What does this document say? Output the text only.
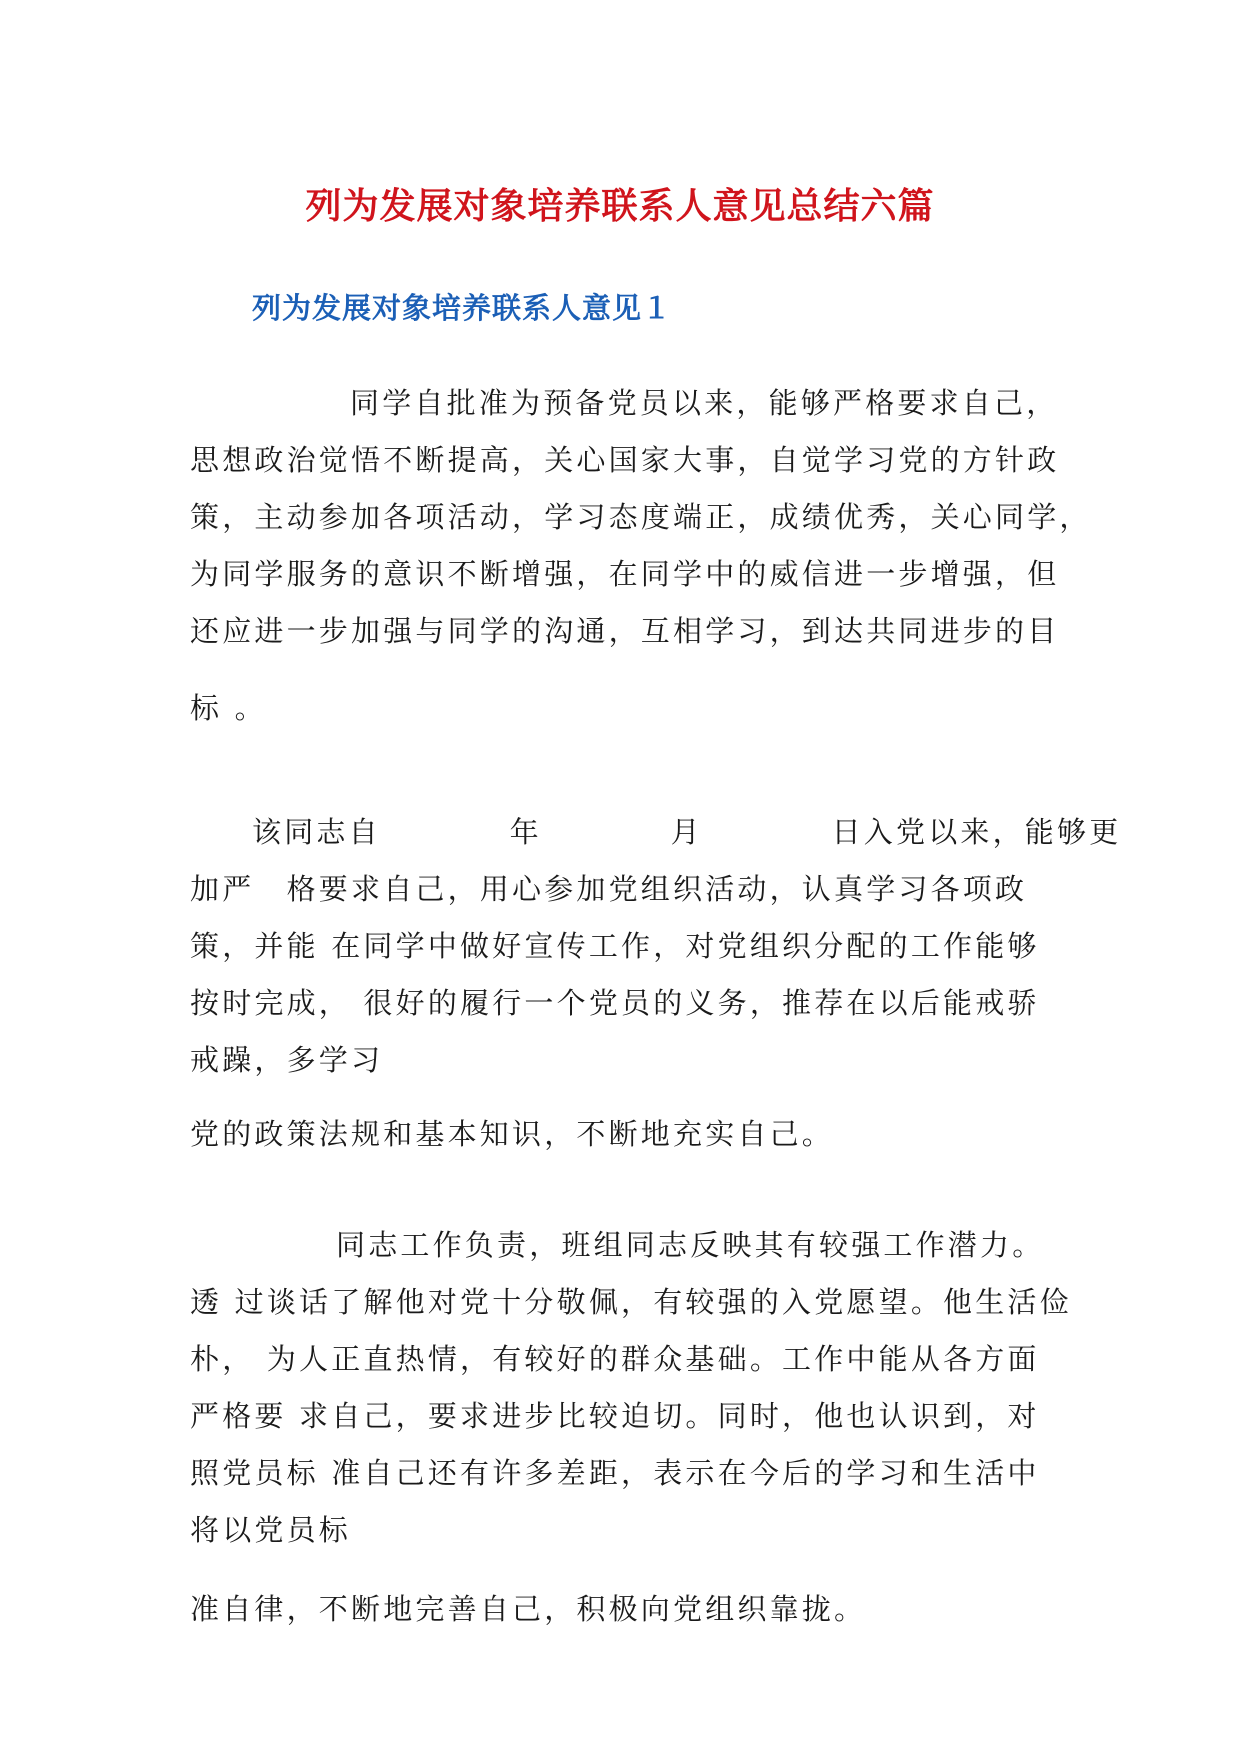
列为发展对象培养联系人意见总结六篇
列为发展对象培养联系人意见１
同学自批准为预备党员以来，能够严格要求自己，
思想政治觉悟不断提高，关心国家大事，自觉学习党的方针政
策，主动参加各项活动，学习态度端正，成绩优秀，关心同学，
为同学服务的意识不断增强，在同学中的威信进一步增强，但
还应进一步加强与同学的沟通，互相学习，到达共同进步的目
标 。
该同志自　　　　年　　　　月　　　　日入党以来，能够更
加严　格要求自己，用心参加党组织活动，认真学习各项政
策，并能 在同学中做好宣传工作，对党组织分配的工作能够
按时完成， 很好的履行一个党员的义务，推荐在以后能戒骄
戒躁，多学习
党的政策法规和基本知识，不断地充实自己。
同志工作负责，班组同志反映其有较强工作潜力。
透 过谈话了解他对党十分敬佩，有较强的入党愿望。他生活俭
朴， 为人正直热情，有较好的群众基础。工作中能从各方面
严格要 求自己，要求进步比较迫切。同时，他也认识到，对
照党员标 准自己还有许多差距，表示在今后的学习和生活中
将以党员标
准自律，不断地完善自己，积极向党组织靠拢。
